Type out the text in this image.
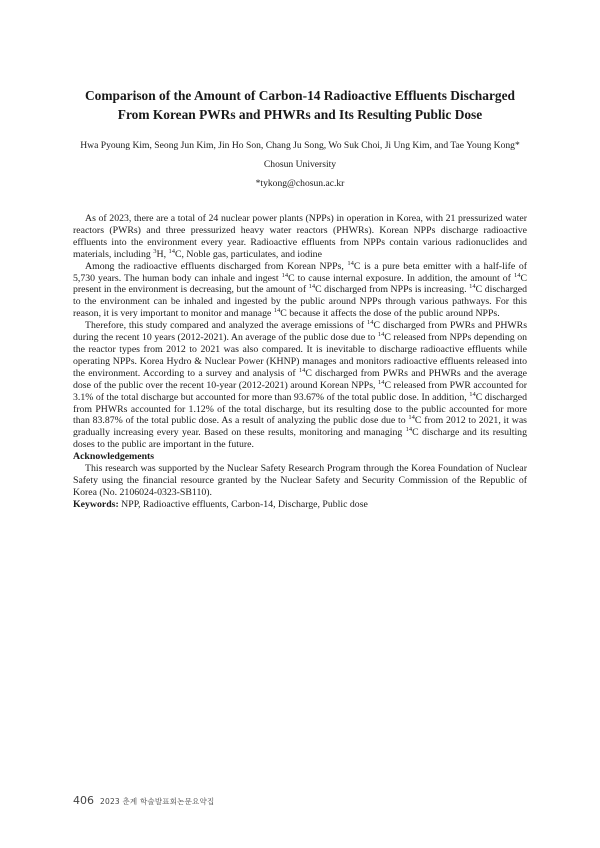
Comparison of the Amount of Carbon-14 Radioactive Effluents Discharged
From Korean PWRs and PHWRs and Its Resulting Public Dose
Hwa Pyoung Kim, Seong Jun Kim, Jin Ho Son, Chang Ju Song, Wo Suk Choi, Ji Ung Kim, and Tae Young Kong*
Chosun University
*tykong@chosun.ac.kr

As of 2023, there are a total of 24 nuclear power plants (NPPs) in operation in Korea, with 21 pressurized water reactors (PWRs) and three pressurized heavy water reactors (PHWRs). Korean NPPs discharge radioactive effluents into the environment every year. Radioactive effluents from NPPs contain various radionuclides and materials, including $^3$H, $^{14}$C, Noble gas, particulates, and iodine

Among the radioactive effluents discharged from Korean NPPs, $^{14}$C is a pure beta emitter with a half-life of 5,730 years. The human body can inhale and ingest $^{14}$C to cause internal exposure. In addition, the amount of $^{14}$C present in the environment is decreasing, but the amount of $^{14}$C discharged from NPPs is increasing. $^{14}$C discharged to the environment can be inhaled and ingested by the public around NPPs through various pathways. For this reason, it is very important to monitor and manage $^{14}$C because it affects the dose of the public around NPPs.

Therefore, this study compared and analyzed the average emissions of $^{14}$C discharged from PWRs and PHWRs during the recent 10 years (2012-2021). An average of the public dose due to $^{14}$C released from NPPs depending on the reactor types from 2012 to 2021 was also compared. It is inevitable to discharge radioactive effluents while operating NPPs. Korea Hydro & Nuclear Power (KHNP) manages and monitors radioactive effluents released into the environment. According to a survey and analysis of $^{14}$C discharged from PWRs and PHWRs and the average dose of the public over the recent 10-year (2012-2021) around Korean NPPs, $^{14}$C released from PWR accounted for 3.1% of the total discharge but accounted for more than 93.67% of the total public dose. In addition, $^{14}$C discharged from PHWRs accounted for 1.12% of the total discharge, but its resulting dose to the public accounted for more than 83.87% of the total public dose. As a result of analyzing the public dose due to $^{14}$C from 2012 to 2021, it was gradually increasing every year. Based on these results, monitoring and managing $^{14}$C discharge and its resulting doses to the public are important in the future.

Acknowledgements

This research was supported by the Nuclear Safety Research Program through the Korea Foundation of Nuclear Safety using the financial resource granted by the Nuclear Safety and Security Commission of the Republic of Korea (No. 2106024-0323-SB110).

Keywords: NPP, Radioactive effluents, Carbon-14, Discharge, Public dose

406 2023 춘계 학술발표회논문요약집
